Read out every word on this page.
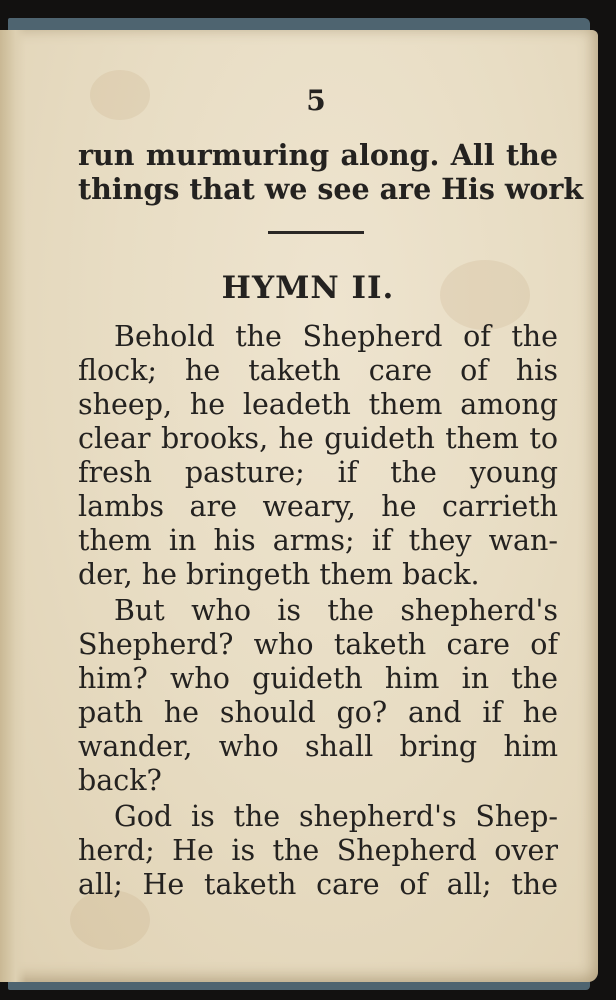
5
run murmuring along. All the
things that we see are His work
HYMN II.
Behold the Shepherd of the
flock; he taketh care of his
sheep, he leadeth them among
clear brooks, he guideth them to
fresh pasture; if the young
lambs are weary, he carrieth
them in his arms; if they wan-
der, he bringeth them back.
But who is the shepherd's
Shepherd? who taketh care of
him? who guideth him in the
path he should go? and if he
wander, who shall bring him
back?
God is the shepherd's Shep-
herd; He is the Shepherd over
all; He taketh care of all; the
